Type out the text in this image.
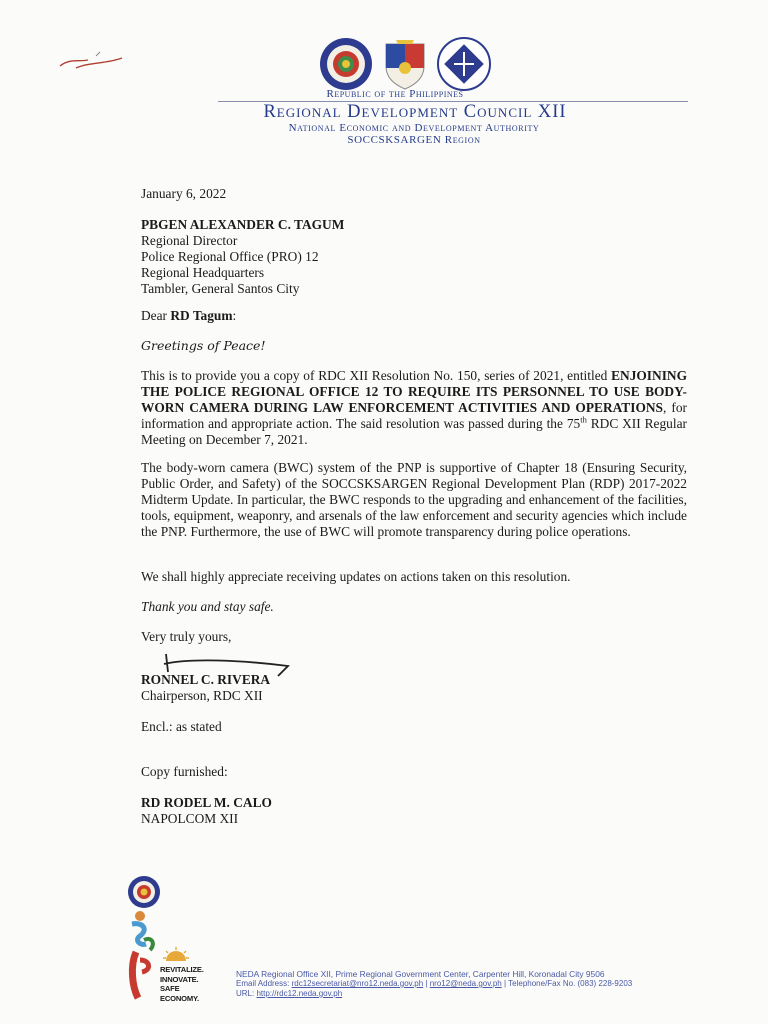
Republic of the Philippines
Regional Development Council XII
National Economic and Development Authority
SOCCSKSARGEN Region
January 6, 2022
PBGEN ALEXANDER C. TAGUM
Regional Director
Police Regional Office (PRO) 12
Regional Headquarters
Tambler, General Santos City
Dear RD Tagum:
Greetings of Peace!
This is to provide you a copy of RDC XII Resolution No. 150, series of 2021, entitled ENJOINING THE POLICE REGIONAL OFFICE 12 TO REQUIRE ITS PERSONNEL TO USE BODY-WORN CAMERA DURING LAW ENFORCEMENT ACTIVITIES AND OPERATIONS, for information and appropriate action. The said resolution was passed during the 75th RDC XII Regular Meeting on December 7, 2021.
The body-worn camera (BWC) system of the PNP is supportive of Chapter 18 (Ensuring Security, Public Order, and Safety) of the SOCCSKSARGEN Regional Development Plan (RDP) 2017-2022 Midterm Update. In particular, the BWC responds to the upgrading and enhancement of the facilities, tools, equipment, weaponry, and arsenals of the law enforcement and security agencies which include the PNP. Furthermore, the use of BWC will promote transparency during police operations.
We shall highly appreciate receiving updates on actions taken on this resolution.
Thank you and stay safe.
Very truly yours,
RONNEL C. RIVERA
Chairperson, RDC XII
Encl.: as stated
Copy furnished:
RD RODEL M. CALO
NAPOLCOM XII
REVITALIZE.
INNOVATE.
SAFE
ECONOMY.
NEDA Regional Office XII, Prime Regional Government Center, Carpenter Hill, Koronadal City 9506
Email Address: rdc12secretariat@nro12.neda.gov.ph | nro12@neda.gov.ph | Telephone/Fax No. (083) 228-9203
URL: http://rdc12.neda.gov.ph
